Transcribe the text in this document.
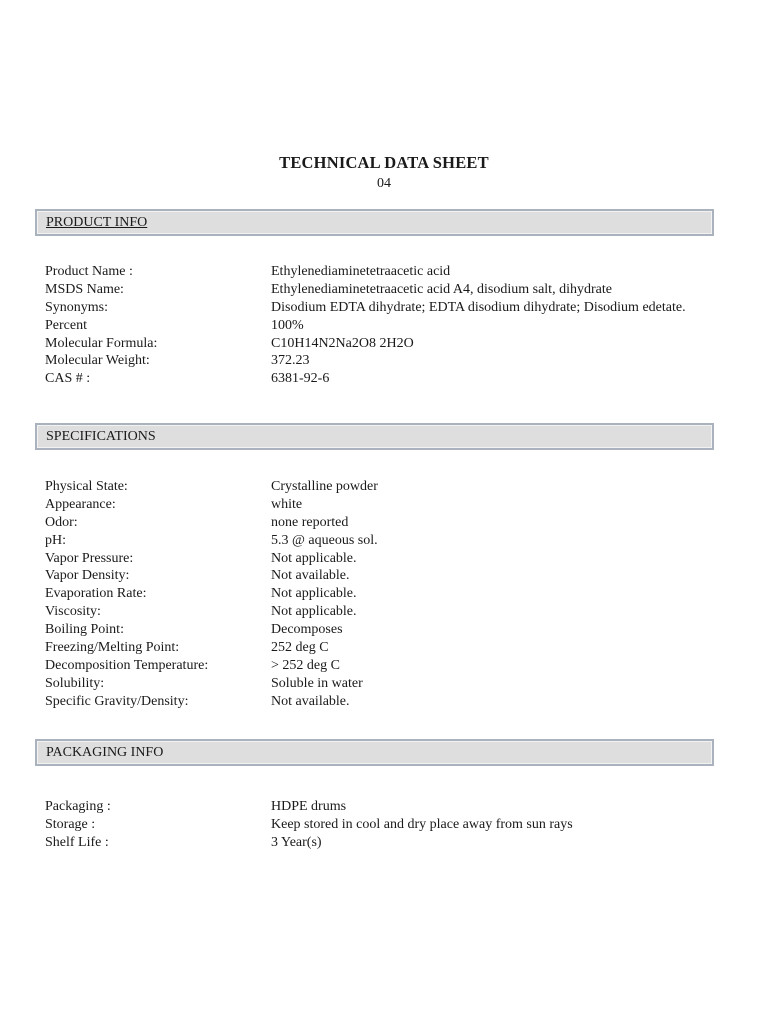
TECHNICAL DATA SHEET
04
PRODUCT INFO
Product Name :	Ethylenediaminetetraacetic acid
MSDS Name:	Ethylenediaminetetraacetic acid A4, disodium salt, dihydrate
Synonyms:	Disodium EDTA dihydrate; EDTA disodium dihydrate; Disodium edetate.
Percent	100%
Molecular Formula:	C10H14N2Na2O8 2H2O
Molecular Weight:	372.23
CAS # :	6381-92-6
SPECIFICATIONS
Physical State:	Crystalline powder
Appearance:	white
Odor:	none reported
pH:	5.3 @ aqueous sol.
Vapor Pressure:	Not applicable.
Vapor Density:	Not available.
Evaporation Rate:	Not applicable.
Viscosity:	Not applicable.
Boiling Point:	Decomposes
Freezing/Melting Point:	252 deg C
Decomposition Temperature:	> 252 deg C
Solubility:	Soluble in water
Specific Gravity/Density:	Not available.
PACKAGING INFO
Packaging :	HDPE drums
Storage :	Keep stored in cool and dry place away from sun rays
Shelf Life :	3 Year(s)
